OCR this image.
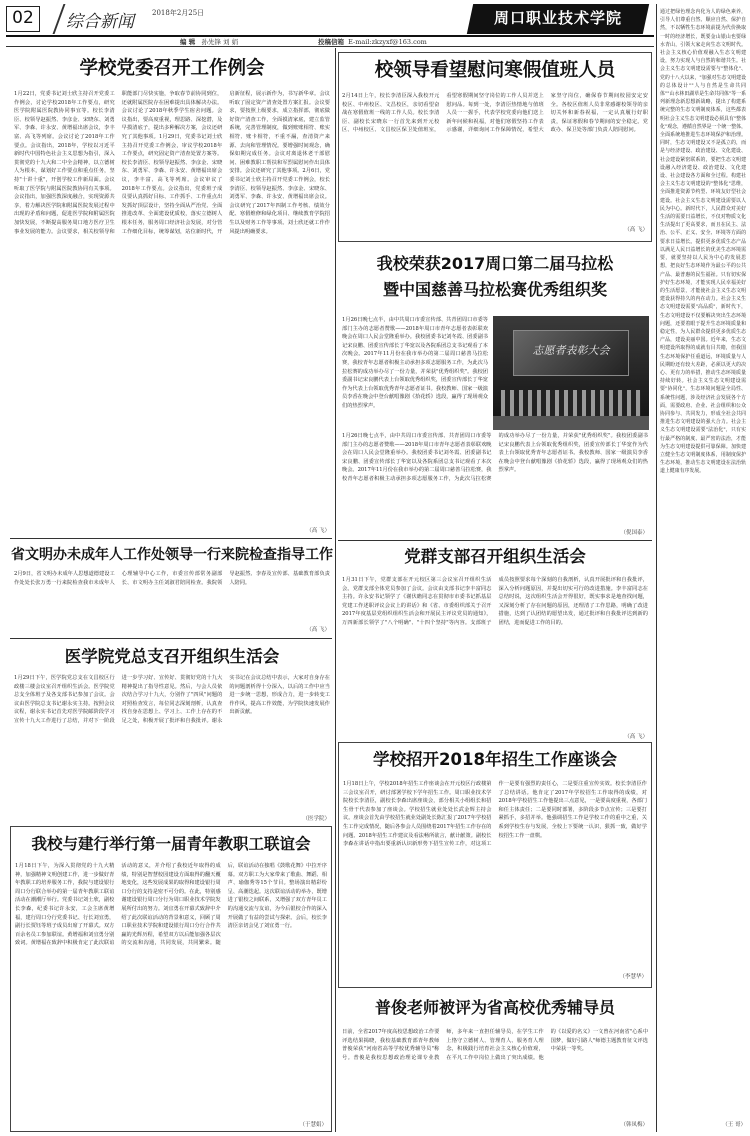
02	综合新闻	2018年2月25日	周口职业技术学院
编 辑 孙先锋 刘 娟	投稿信箱 E-mail:zkzyxf@163.com
学校党委召开工作例会
1月22日，党委书记刘士欣主持召开党委工作例会，讨论学校2018年工作要点，研究医学院附属医院教协同事宜等。校长李清臣、校领导赵振然、李彦金、宋晓东、刘勇军、李森、许永安、黄增福出席会议，李丰富、高飞等列席。会议讨论了2018年工作要点。会议指出，2018年，学校以习近平新时代中国特色社会主义思想为指引，深入贯彻党的十九大和二中全会精神，以立德树人为根本，谋划好工作要点和重点任务，坚持"十讲十重"，开创学校工作新局面。会议听取了医学院与附属医院教协同有关事项。会议指出，加强医教深度融合，实现资源共享，着力解决医学院和附属医院发展过程中出现的矛盾和问题，促进医学院和附属医院加快发展，不断提高服务周口地方医疗卫生事业发展的能力。会议要求，相关校领导和职能部门尽快实施，争取春节前协同到位，还就附属医院存在困难提出具体解决办法。会议讨论了2018年秋季学生宿舍问题。会议指出，要高度重视，理思路、深挖潜，及早摸清底子，提出多种解决方案，会议还研究了其他事项。1月29日，党委书记刘士欣主持召开党委工作例会，审议学校2018年工作要点，研究固定资产清查处置方案等。校长李清臣、校领导赵振然、李彦金、宋晓东、刘勇军、李森、许永安、黄增福出席会议，李丰富、高飞等列席。会议审议了2018年工作要点。会议指出，党委班子成员要认真抓好目标、工作抓手、工作重点出发抓好顶层设计，坚持全面从严治党、全面推进改革、全面建设优质校，落实立德树人根本任务，服务周口经济社会发展，对分管工作细化目标，统筹谋划，站位新时代，开启新征程，展示新作为，书写新华章。会议听取了固定资产清查处置方案汇报。会议要求，要按照上级要求，成立指挥部，彻底做好资产清查工作，全面摸清家底，建立监管系统，完善管理制度，做到账账相符、账实相符、账卡相符，不重不漏，查清资产来源、去向和管理情况。要增强时间观念，确保如期完成任务。会议对离退休老干部慰问、困难教职工帮扶和军烈属慰问作出具体安排。会议还研究了其他事项。2月6日，党委书记刘士欣主持召开党委工作例会，校长李清臣、校领导赵振然、李彦金、宋晓东、刘勇军、李森、许永安、黄增福出席会议。会议研究了2017年四制工作考核、绩效分配、寒假维修和绿化项目、继续教育学院招生以及财务工作等事项。刘士欣还就工作作风提出明确要求。
（高 飞）
省文明办未成年人工作处领导一行来院检查指导工作
2月9日，省文明办未成年人思想道德建设工作处处长张万勇一行来院检查我市未成年人心理辅导中心工作，市委宣传部常务副部长、市文明办主任刘淑君陪同检查。我院领导赵振然、李春及宣传部、基础教育部负责人陪同。
（高 飞）
医学院党总支召开组织生活会
1月29日下午，医学院党总支在文昌校区行政楼三楼会议室召开组织生活会。医学院党总支全体班子及各支部书记参加了会议。会议由医学院总支书记谢永实主持。按照会议议程，谢永实书记首先对医学院邮阶段学习宣传十九大工作进行了总结，并对下一阶段进一步学习好、宣传好、贯彻好党的十九大精神提出了指导性意见。然后，与会人员依次结合学习十九大，分别作了"四风"问题的对照检查发言，每位同志深刻剖析，认真查找自身在思想上、学习上、工作上存在的不足之处，积极开展了批评和自我批评。谢永实书记在会议总结中表示，大家对自身存在的问题剖析得十分深入，以后的工作中应当进一步统一思想，形成合力，进一步转变工作作风，提高工作效能，为学院快速发展作出新贡献。
（医学院）
我校与建行举行第一届青年教职工联谊会
1月18日下午，为深入贯彻党的十九大精神，加强精神文明创建工作，进一步做好青年教职工的培养服务工作，我院与建设银行周口分行联合举办的第一届青年教职工联谊活动在潮潮厅举行。党委书记刘士欣，副校长李森，纪委书记许永安，工会主席黄增福，建行周口分行党委书记、行长刘宜勇，副行长贾钰等班子成员出席了开幕式。双方百余名员工参加联谊。黄增福和刘宜勇分别致词。黄增福在致辞中积极肯定了此次联谊活动的意义，并介绍了我校近年取得的成绩，特别是智慧校园建设方面取得的翻天覆地变化，这些发展成果的取得和建设银行周口分行的支持是密不可分的。在此，特别感谢建设银行周口分行为周口职业技术学院发展所付出的努力。刘宜勇在开幕式致辞中介绍了此次联谊活动的背景和意义，回顾了周口职业技术学院和建设银行周口分行合作共赢的光辉历程，希望双方以后能加强各层次的交流和沟通，共同发展，共同繁荣。随后，联谊活动在独唱《鼓歌花舞》中拉开序幕。双方职工为大家带来了歌曲、舞蹈、相声、瑜伽秀等15个节目。整场演出精彩纷呈、高潮迭起。这次联谊活动的举办，既增进了银校之间联系，又增强了双方青年员工的沟通交流与友谊，为今后银校合作的深入开展做了有益的尝试与探索。会后，校长李清臣亲切会见了刘宜勇一行。
（于慧娟）
校领导看望慰问寒假值班人员
2月14日上午，校长李清臣深入我校开元校区、中州校区、文昌校区，亲切看望奋战在寒假值班一线的工作人员。校长李清臣、副校长宋晓东一行首先来到开元校区、中州校区、文昌校区保卫处值班室，看望寒假期间坚守岗位的工作人员并送上慰问品。每到一处，李清臣热情地与值班人员一一握手，代表学校党委向他们送上新年问候和祝福，对他们寒假坚持工作表示感谢，详细询问工作保障情况，希望大家坚守岗位，确保春节期间校园安定安全。各校区值班人员非常感谢校领导的亲切关怀和新春祝福，一定认真履行好职责，保证寒假和春节期间的安全稳定。党政办、保卫处等部门负责人陪同慰问。
（高 飞）
我校荣获2017周口第二届马拉松
暨中国慈善马拉松赛优秀组织奖
志愿者表彰大会
1月26日晚七点半，由中共周口市委宣传部、共青团周口市委等部门主办的志愿者赞歌——2018年周口市青年志愿者表彰联欢晚会在周口人民会堂隆重举办。我校团委书记刘冬霞、团委副书记宋良鹏、团委宣传部长丁华宽以及各院系团总支书记观看了本次晚会。2017年11月份在我市举办的第二届周口慈善马拉松赛，我校青年志愿者积极主动承担多项志愿服务工作，为此次马拉松赛的成功举办尽了一份力量，并荣获"优秀组织奖"。我校团委副书记宋良鹏代表上台领取优秀组织奖，团委宣传部长丁华宽作为代表上台领取优秀青年志愿者证书。我校教师、国家一级演员李香在晚会中登台献唱豫剧《拾花轿》选段，赢得了现场观众们的热烈掌声。
1月26日晚七点半，由中共周口市委宣传部、共青团周口市委等部门主办的志愿者赞歌——2018年周口市青年志愿者表彰联欢晚会在周口人民会堂隆重举办。我校团委书记刘冬霞、团委副书记宋良鹏、团委宣传部长丁华宽以及各院系团总支书记观看了本次晚会。2017年11月份在我市举办的第二届周口慈善马拉松赛，我校青年志愿者积极主动承担多项志愿服务工作，为此次马拉松赛的成功举办尽了一份力量，并荣获"优秀组织奖"。我校团委副书记宋良鹏代表上台领取优秀组织奖，团委宣传部长丁华宽作为代表上台领取优秀青年志愿者证书。我校教师、国家一级演员李香在晚会中登台献唱豫剧《拾花轿》选段，赢得了现场观众们的热烈掌声。
（倪国泰）
党群支部召开组织生活会
1月31日下午，党群支部在开元校区第三会议室召开组织生活会。党群支部全体党员参加了会议。会议由支部书记李丰富同志主持。许永安书记领学了《谢伏瞻同志在贯彻市市委书记抓基层党建工作述职评议会议上的讲话》和《省、市委组织部关于召开2017年度基层党组织组织生活会和开展民主评议党员的通知》，万四新部长领学了"八个明确"、"十四个坚持"等内容。支部班子成员按照要求每个深刻的自我剖析，认真开展批评和自我批评，深入分析问题原因，并提出切实可行的改进措施。李丰富同志在总结时说，这次组织生活会开得很好，既实事求是地查找问题，又深刻分析了存在问题的原因，还理清了工作思路，明确了改进措施，达到了认团结的愿望出发，通过批评和自我批评达到新的团结，进而促进工作的目的。
（高 飞）
学校招开2018年招生工作座谈会
1月18日上午，学校2018年招生工作座谈会在开元校区行政楼第三会议室召开，研讨部署学校下学年招生工作。周口职业技术学院校长李清臣，副校长李森出席座谈会，部分相关小组组长和招生骨干代表参加了座谈会。学校招生就业处处长武金辉主持会议。座谈会首先由学校招生就业处副处长陈汇报了2017年学校招生工作完成情况，随后各参会人员围绕着2017年招生工作存在的问题、2018年招生工作建议及看法畅所欲言，献计献策。副校长李森在讲话中指出要重新认识新形势下招生宣传工作，对这项工作一是要有强烈的责任心，二是要注重宣传实效。校长李清臣作了总结讲话。他肯定了2017年学校招生工作取得的成绩，对2018年学校招生工作他提出三点意见，一是要高度重视，各部门和任主体责任；二是要同时部署，多阶段多节点宣传；三是要打紧抓手，多招并举。他强调招生工作是学校工作的重中之重，关系到学校生存与发展，全校上下要统一认识，狠抓一致，做好学校招生工作一盘棋。
（李慧华）
普俊老师被评为省高校优秀辅导员
日前，全省2017年度高校思想政治工作要评选结果揭晓，我校基础教育部青年教师普俊荣获"河南省高等学校优秀辅导员"称号。普俊是我校思想政治理论课专业教师，多年来一直担任辅导员，在学生工作上恪守立德树人、管理育人、服务育人理念，积极践行培育社会主义核心价值观，在平凡工作中岗位上做出了突出成绩。他的《以爱的名义》一文曾在河南省"心系中国梦，做好引路人"师德主题教育征文评选中荣获一等奖。
（韩凤梅）
通过把绿色理念内化为人的绿色素养，引导人们尊重自然、顺应自然、保护自然，不以牺牲生态环境前提为代价换取一时的经济增长，既要金山银山也要绿水青山，引领大家走向生态文明时代。社会主义核心价值观融入生态文明建设，努力实现人与自然的和谐共生。社会主义生态文明建设需要与"整体化"、党的十八大以来，"加强对生态文明建设的总体设计""人与自然是生命共同体""山水林田湖草是生命共同体"等一系列新理念新思想新战略，提出了构建系统完整的生态文明制度体系，这些都表明社会主义生态文明建设必须具有"整体化"观念，遵循自然界是一个统一整体，全面系统地推进生态环境保护和治理。同时，生态文明建设又不是孤立的，而是与经济建设、政治建设、文化建设、社会建设紧密联系的，要把生态文明建设融入经济建设、政治建设、文化建设、社会建设各方面和全过程。构建社会主义生态文明建设的"整体化"思维，全面推进资源节约型、环境友好型社会建设。社会主义生态文明建设需要以人民为中心。新时代下，人民群众对美好生活的需要日益增长，不仅对物质文化生活提出了更高要求，而且在民主、法治、公平、正义、安全、环境等方面的要求日益增长。提供更多优质生态产品以满足人民日益增长的优美生态环境需要，就要坚持以人民为中心的发展思想，把良好生态环境作为最公平的公共产品、最普惠的民生福祉。只有切实保护好生态环境，才能实现人民幸福美好的生活愿景，才能使社会主义生态文明建设获得持久的内在动力。社会主义生态文明建设需要"高品质"，新时代下，生态文明建设不仅要解决突出生态环境问题，还要着眼于提升生态环境质量和稳定性，为人民群众提供更多优质生态产品，建设美丽中国。近年来，生态文明建设所取得的成就有目共睹，但我国生态环境保护任重道远，环境质量与人民期盼还有较大差距，必须以更大的决心、更有力的举措，推动生态环境质量持续好转。社会主义生态文明建设需要"协同化"，生态环境问题是全局性、系统性问题，涉及经济社会发展各个方面，需要政府、企业、社会组织和公众协同参与、共同发力，形成全社会共同推进生态文明建设的强大合力。社会主义生态文明建设需要"法治化"，只有实行最严格的制度、最严密的法治，才能为生态文明建设提供可靠保障。加快建立健全生态文明制度体系，用制度保护生态环境，推动生态文明建设在法治轨道上健康有序发展。
（王 哥）
